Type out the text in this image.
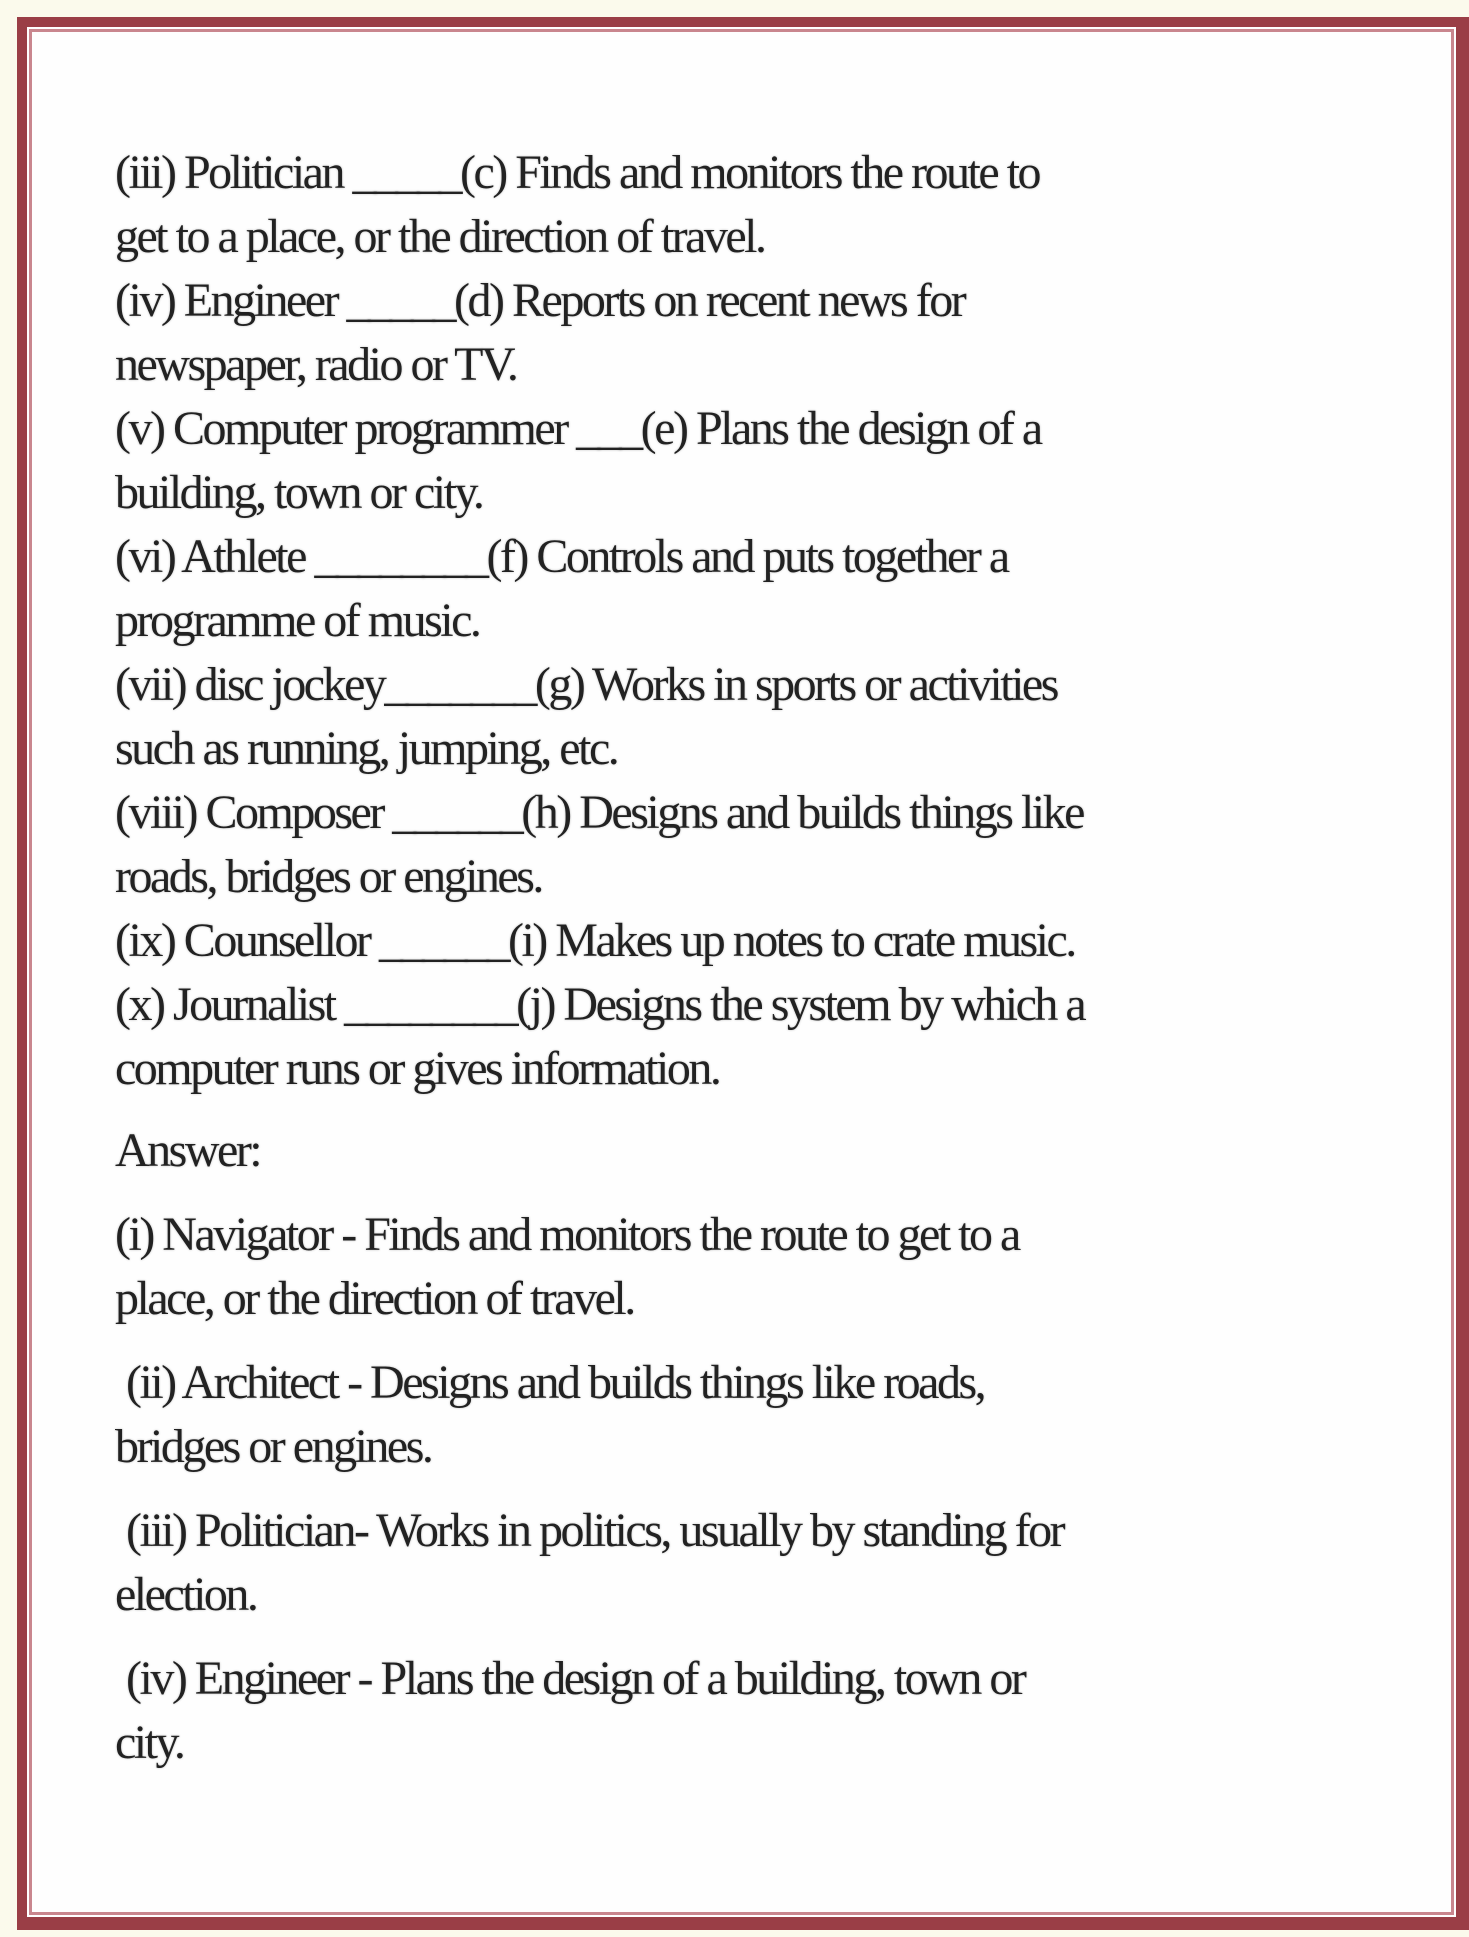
(iii) Politician _____(c) Finds and monitors the route to
get to a place, or the direction of travel.
(iv) Engineer _____(d) Reports on recent news for
newspaper, radio or TV.
(v) Computer programmer ___(e) Plans the design of a
building, town or city.
(vi) Athlete ________(f) Controls and puts together a
programme of music.
(vii) disc jockey_______(g) Works in sports or activities
such as running, jumping, etc.
(viii) Composer ______(h) Designs and builds things like
roads, bridges or engines.
(ix) Counsellor ______(i) Makes up notes to crate music.
(x) Journalist ________(j) Designs the system by which a
computer runs or gives information.
Answer:
(i) Navigator - Finds and monitors the route to get to a
place, or the direction of travel.
(ii) Architect - Designs and builds things like roads,
bridges or engines.
(iii) Politician- Works in politics, usually by standing for
election.
(iv) Engineer - Plans the design of a building, town or
city.
